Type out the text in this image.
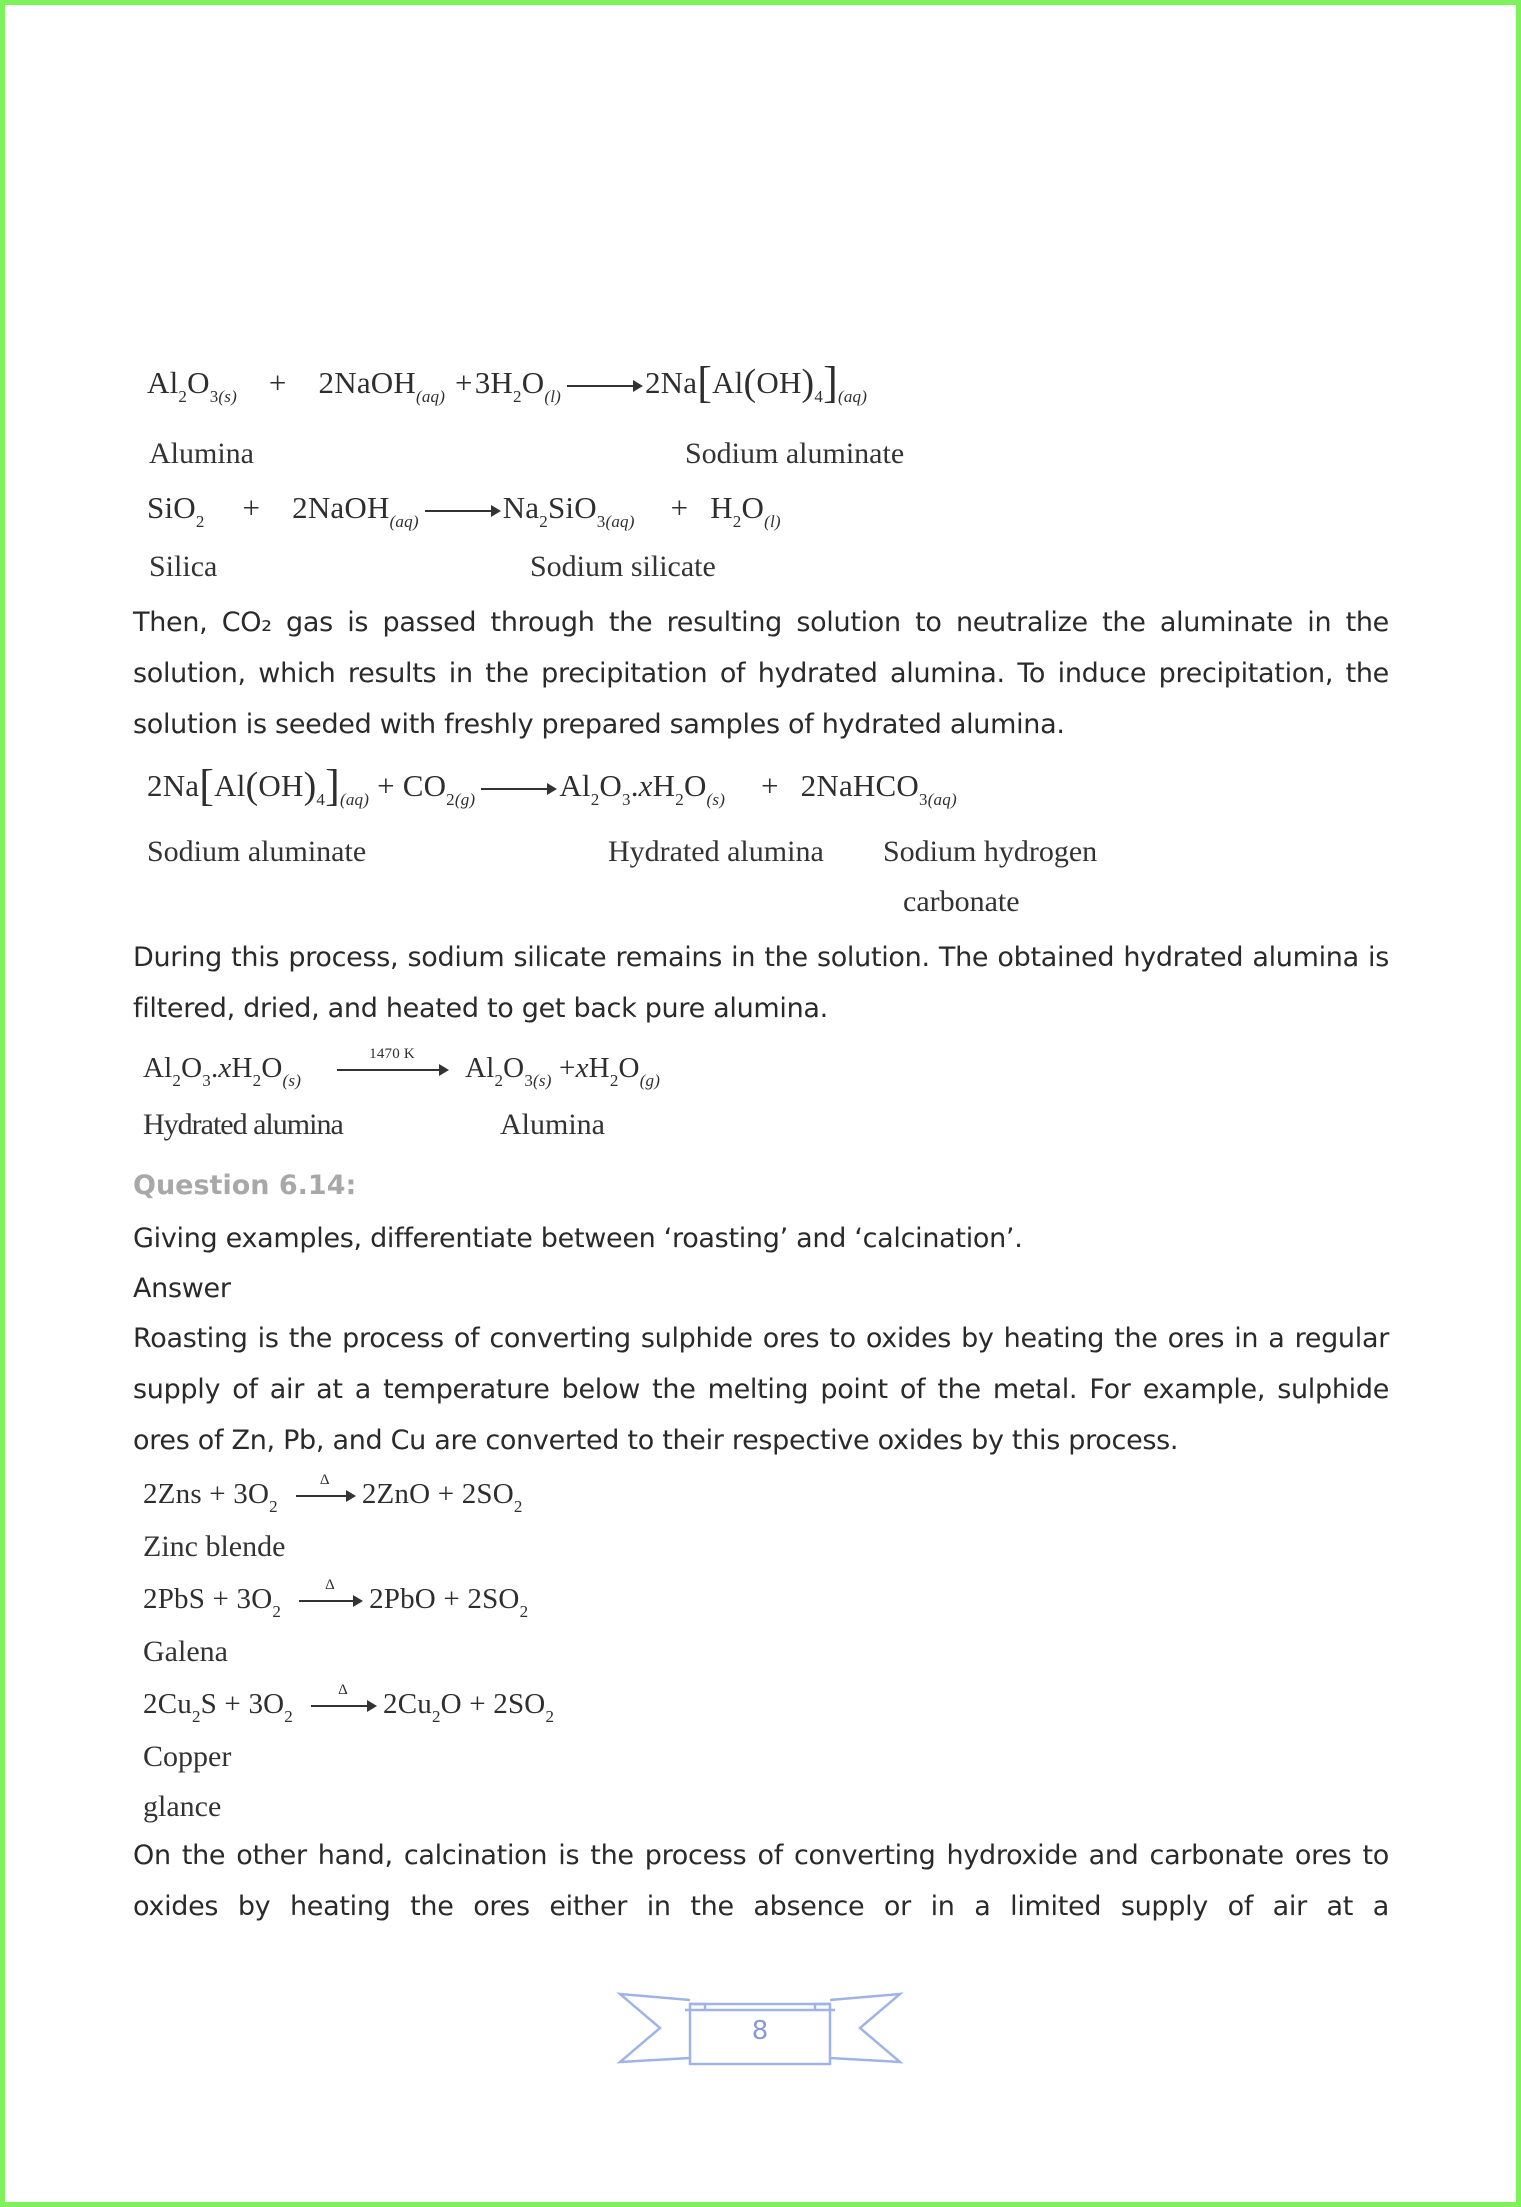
$Al_2O_{3(s)}$ + 2NaOH$_{(aq)}$ $+3H_2O_{(l)} \to 2Na[Al(OH)_4]_{(aq)}$
Alumina	Sodium aluminate
SiO$_2$ + 2NaOH$_{(aq)}$ → $Na_2SiO_{3(aq)} + H_2O_{(l)}$
Silica	Sodium silicate
Then, CO₂ gas is passed through the resulting solution to neutralize the aluminate in the solution, which results in the precipitation of hydrated alumina. To induce precipitation, the solution is seeded with freshly prepared samples of hydrated alumina.
$2Na[Al(OH)_4]_{(aq)} + CO_{2(g)} \to Al_2O_3.xH_2O_{(s)}$ + 2NaHCO$_{3(aq)}$
Sodium aluminate	Hydrated alumina Sodium hydrogen
carbonate
During this process, sodium silicate remains in the solution. The obtained hydrated alumina is filtered, dried, and heated to get back pure alumina.
$Al_2O_3.xH_2O_{(s)}$
1470 K	$Al_2O_{3(s)} +xH_2O_{(g)}$
Hydrated alumina	Alumina
Question 6.14:
Giving examples, differentiate between ‘roasting’ and ‘calcination’.
Answer
Roasting is the process of converting sulphide ores to oxides by heating the ores in a regular supply of air at a temperature below the melting point of the metal. For example, sulphide ores of Zn, Pb, and Cu are converted to their respective oxides by this process.
$2Zns + 3O_2$
Δ	$2ZnO + 2SO_2$
Zinc blende
$2PbS + 3O_2$
Δ	$2PbO + 2SO_2$
Galena
$2Cu_2S + 3O_2$
Δ	$2Cu_2O + 2SO_2$
Copper
glance
On the other hand, calcination is the process of converting hydroxide and carbonate ores to oxides by heating the ores either in the absence or in a limited supply of air at a
8
